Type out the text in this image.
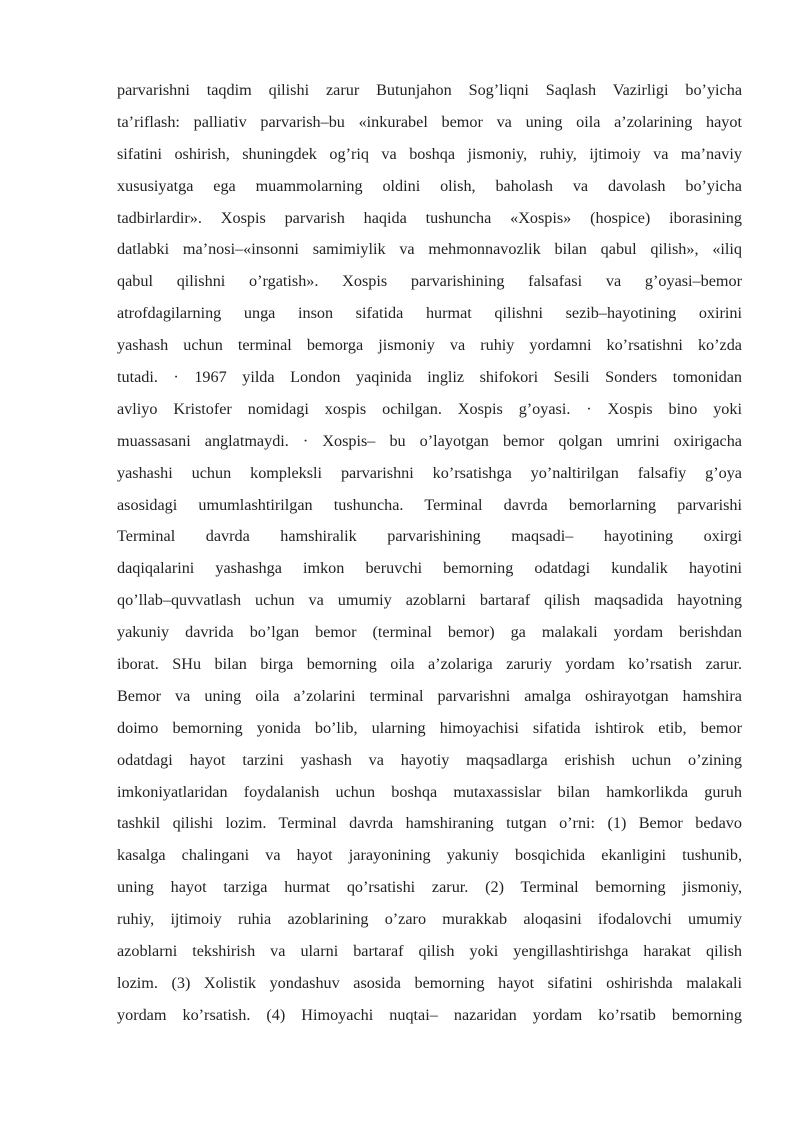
parvarishni taqdim qilishi zarur Butunjahon Sog’liqni Saqlash Vazirligi bo’yicha
ta’riflash: palliativ parvarish–bu «inkurabel bemor va uning oila a’zolarining hayot
sifatini oshirish, shuningdek og’riq va boshqa jismoniy, ruhiy, ijtimoiy va ma’naviy
xususiyatga ega muammolarning oldini olish, baholash va davolash bo’yicha
tadbirlardir». Xospis parvarish haqida tushuncha «Xospis» (hospice) iborasining
datlabki ma’nosi–«insonni samimiylik va mehmonnavozlik bilan qabul qilish», «iliq
qabul qilishni o’rgatish». Xospis parvarishining falsafasi va g’oyasi–bemor
atrofdagilarning unga inson sifatida hurmat qilishni sezib–hayotining oxirini
yashash uchun terminal bemorga jismoniy va ruhiy yordamni ko’rsatishni ko’zda
tutadi. · 1967 yilda London yaqinida ingliz shifokori Sesili Sonders tomonidan
avliyo Kristofer nomidagi xospis ochilgan. Xospis g’oyasi. · Xospis bino yoki
muassasani anglatmaydi. · Xospis– bu o’layotgan bemor qolgan umrini oxirigacha
yashashi uchun kompleksli parvarishni ko’rsatishga yo’naltirilgan falsafiy g’oya
asosidagi umumlashtirilgan tushuncha. Terminal davrda bemorlarning parvarishi
Terminal davrda hamshiralik parvarishining maqsadi– hayotining oxirgi
daqiqalarini yashashga imkon beruvchi bemorning odatdagi kundalik hayotini
qo’llab–quvvatlash uchun va umumiy azoblarni bartaraf qilish maqsadida hayotning
yakuniy davrida bo’lgan bemor (terminal bemor) ga malakali yordam berishdan
iborat. SHu bilan birga bemorning oila a’zolariga zaruriy yordam ko’rsatish zarur.
Bemor va uning oila a’zolarini terminal parvarishni amalga oshirayotgan hamshira
doimo bemorning yonida bo’lib, ularning himoyachisi sifatida ishtirok etib, bemor
odatdagi hayot tarzini yashash va hayotiy maqsadlarga erishish uchun o’zining
imkoniyatlaridan foydalanish uchun boshqa mutaxassislar bilan hamkorlikda guruh
tashkil qilishi lozim. Terminal davrda hamshiraning tutgan o’rni: (1) Bemor bedavo
kasalga chalingani va hayot jarayonining yakuniy bosqichida ekanligini tushunib,
uning hayot tarziga hurmat qo’rsatishi zarur. (2) Terminal bemorning jismoniy,
ruhiy, ijtimoiy ruhia azoblarining o’zaro murakkab aloqasini ifodalovchi umumiy
azoblarni tekshirish va ularni bartaraf qilish yoki yengillashtirishga harakat qilish
lozim. (3) Xolistik yondashuv asosida bemorning hayot sifatini oshirishda malakali
yordam ko’rsatish. (4) Himoyachi nuqtai– nazaridan yordam ko’rsatib bemorning
